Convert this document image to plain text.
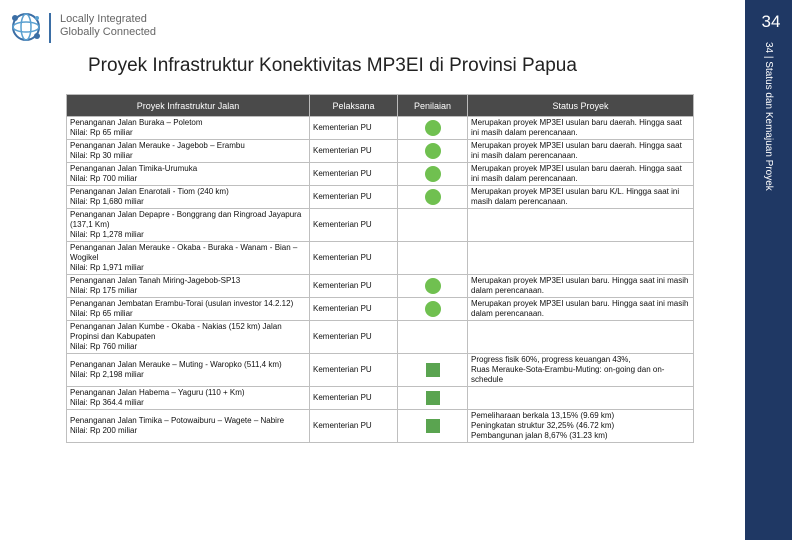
Locally Integrated
Globally Connected
34
34 | Status dan Kemajuan Proyek
Proyek Infrastruktur Konektivitas MP3EI di Provinsi Papua
Proyek Infrastruktur Jalan	Pelaksana	Penilaian	Status Proyek
Penanganan Jalan Buraka – Poletom
Nilai: Rp 65 miliar	Kementerian PU		Merupakan proyek MP3EI usulan baru daerah. Hingga saat ini masih dalam perencanaan.
Penanganan Jalan Merauke - Jagebob – Erambu
Nilai: Rp 30 miliar	Kementerian PU		Merupakan proyek MP3EI usulan baru daerah. Hingga saat ini masih dalam perencanaan.
Penanganan Jalan Timika-Urumuka
Nilai: Rp 700 miliar	Kementerian PU		Merupakan proyek MP3EI usulan baru daerah. Hingga saat ini masih dalam perencanaan.
Penanganan Jalan Enarotali - Tiom (240 km)
Nilai: Rp 1,680 miliar	Kementerian PU		Merupakan proyek MP3EI usulan baru K/L. Hingga saat ini masih dalam perencanaan.
Penanganan Jalan Depapre - Bonggrang dan Ringroad Jayapura (137,1 Km)
Nilai: Rp 1,278 miliar	Kementerian PU		
Penanganan Jalan Merauke - Okaba - Buraka - Wanam - Bian – Wogikel
Nilai: Rp 1,971 miliar	Kementerian PU		
Penanganan Jalan Tanah Miring-Jagebob-SP13
Nilai: Rp 175 miliar	Kementerian PU		Merupakan proyek MP3EI usulan baru. Hingga saat ini masih dalam perencanaan.
Penanganan Jembatan Erambu-Torai (usulan investor 14.2.12)
Nilai: Rp 65 miliar	Kementerian PU		Merupakan proyek MP3EI usulan baru. Hingga saat ini masih dalam perencanaan.
Penanganan Jalan Kumbe - Okaba - Nakias (152 km) Jalan Propinsi dan Kabupaten
Nilai: Rp 760 miliar	Kementerian PU		
Penanganan Jalan Merauke – Muting - Waropko (511,4 km)
Nilai: Rp 2,198 miliar	Kementerian PU		Progress fisik 60%, progress keuangan 43%,
Ruas Merauke-Sota-Erambu-Muting: on-going dan on-schedule
Penanganan Jalan Habema – Yaguru (110 + Km)
Nilai: Rp 364.4 miliar	Kementerian PU		
Penanganan Jalan Timika – Potowaiburu – Wagete – Nabire
Nilai: Rp 200 miliar	Kementerian PU		Pemeliharaan berkala 13,15% (9.69 km)
Peningkatan struktur 32,25% (46.72 km)
Pembangunan jalan 8,67% (31.23 km)
